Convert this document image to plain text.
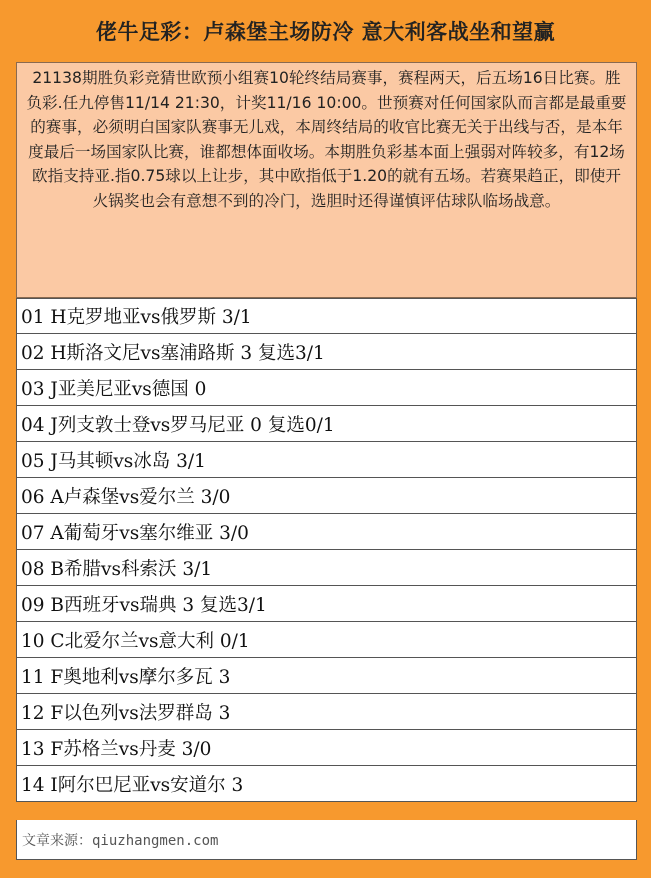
佬牛足彩：卢森堡主场防冷 意大利客战坐和望赢
21138期胜负彩竞猜世欧预小组赛10轮终结局赛事，赛程两天，后五场16日比赛。胜负彩.任九停售11/14 21:30，计奖11/16 10:00。世预赛对任何国家队而言都是最重要的赛事，必须明白国家队赛事无儿戏，本周终结局的收官比赛无关于出线与否，是本年度最后一场国家队比赛，谁都想体面收场。本期胜负彩基本面上强弱对阵较多，有12场欧指支持亚.指0.75球以上让步，其中欧指低于1.20的就有五场。若赛果趋正，即使开火锅奖也会有意想不到的冷门，选胆时还得谨慎评估球队临场战意。
01 H克罗地亚vs俄罗斯 3/1
02 H斯洛文尼vs塞浦路斯 3 复选3/1
03 J亚美尼亚vs德国 0
04 J列支敦士登vs罗马尼亚 0 复选0/1
05 J马其顿vs冰岛 3/1
06 A卢森堡vs爱尔兰 3/0
07 A葡萄牙vs塞尔维亚 3/0
08 B希腊vs科索沃 3/1
09 B西班牙vs瑞典 3 复选3/1
10 C北爱尔兰vs意大利 0/1
11 F奥地利vs摩尔多瓦 3
12 F以色列vs法罗群岛 3
13 F苏格兰vs丹麦 3/0
14 I阿尔巴尼亚vs安道尔 3
文章来源：qiuzhangmen.com
